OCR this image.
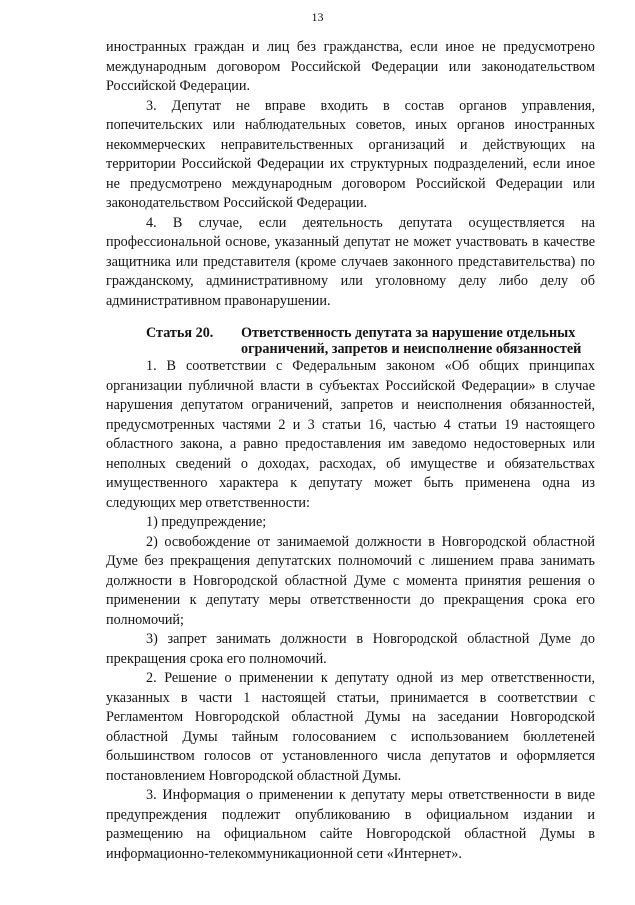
13

иностранных граждан и лиц без гражданства, если иное не предусмотрено международным договором Российской Федерации или законодательством Российской Федерации.

3. Депутат не вправе входить в состав органов управления, попечительских или наблюдательных советов, иных органов иностранных некоммерческих неправительственных организаций и действующих на территории Российской Федерации их структурных подразделений, если иное не предусмотрено международным договором Российской Федерации или законодательством Российской Федерации.

4. В случае, если деятельность депутата осуществляется на профессиональной основе, указанный депутат не может участвовать в качестве защитника или представителя (кроме случаев законного представительства) по гражданскому, административному или уголовному делу либо делу об административном правонарушении.

Статья 20.	Ответственность депутата за нарушение отдельных ограничений, запретов и неисполнение обязанностей

1. В соответствии с Федеральным законом «Об общих принципах организации публичной власти в субъектах Российской Федерации» в случае нарушения депутатом ограничений, запретов и неисполнения обязанностей, предусмотренных частями 2 и 3 статьи 16, частью 4 статьи 19 настоящего областного закона, а равно предоставления им заведомо недостоверных или неполных сведений о доходах, расходах, об имуществе и обязательствах имущественного характера к депутату может быть применена одна из следующих мер ответственности:

1) предупреждение;

2) освобождение от занимаемой должности в Новгородской областной Думе без прекращения депутатских полномочий с лишением права занимать должности в Новгородской областной Думе с момента принятия решения о применении к депутату меры ответственности до прекращения срока его полномочий;

3) запрет занимать должности в Новгородской областной Думе до прекращения срока его полномочий.

2. Решение о применении к депутату одной из мер ответственности, указанных в части 1 настоящей статьи, принимается в соответствии с Регламентом Новгородской областной Думы на заседании Новгородской областной Думы тайным голосованием с использованием бюллетеней большинством голосов от установленного числа депутатов и оформляется постановлением Новгородской областной Думы.

3. Информация о применении к депутату меры ответственности в виде предупреждения подлежит опубликованию в официальном издании и размещению на официальном сайте Новгородской областной Думы в информационно-телекоммуникационной сети «Интернет».
